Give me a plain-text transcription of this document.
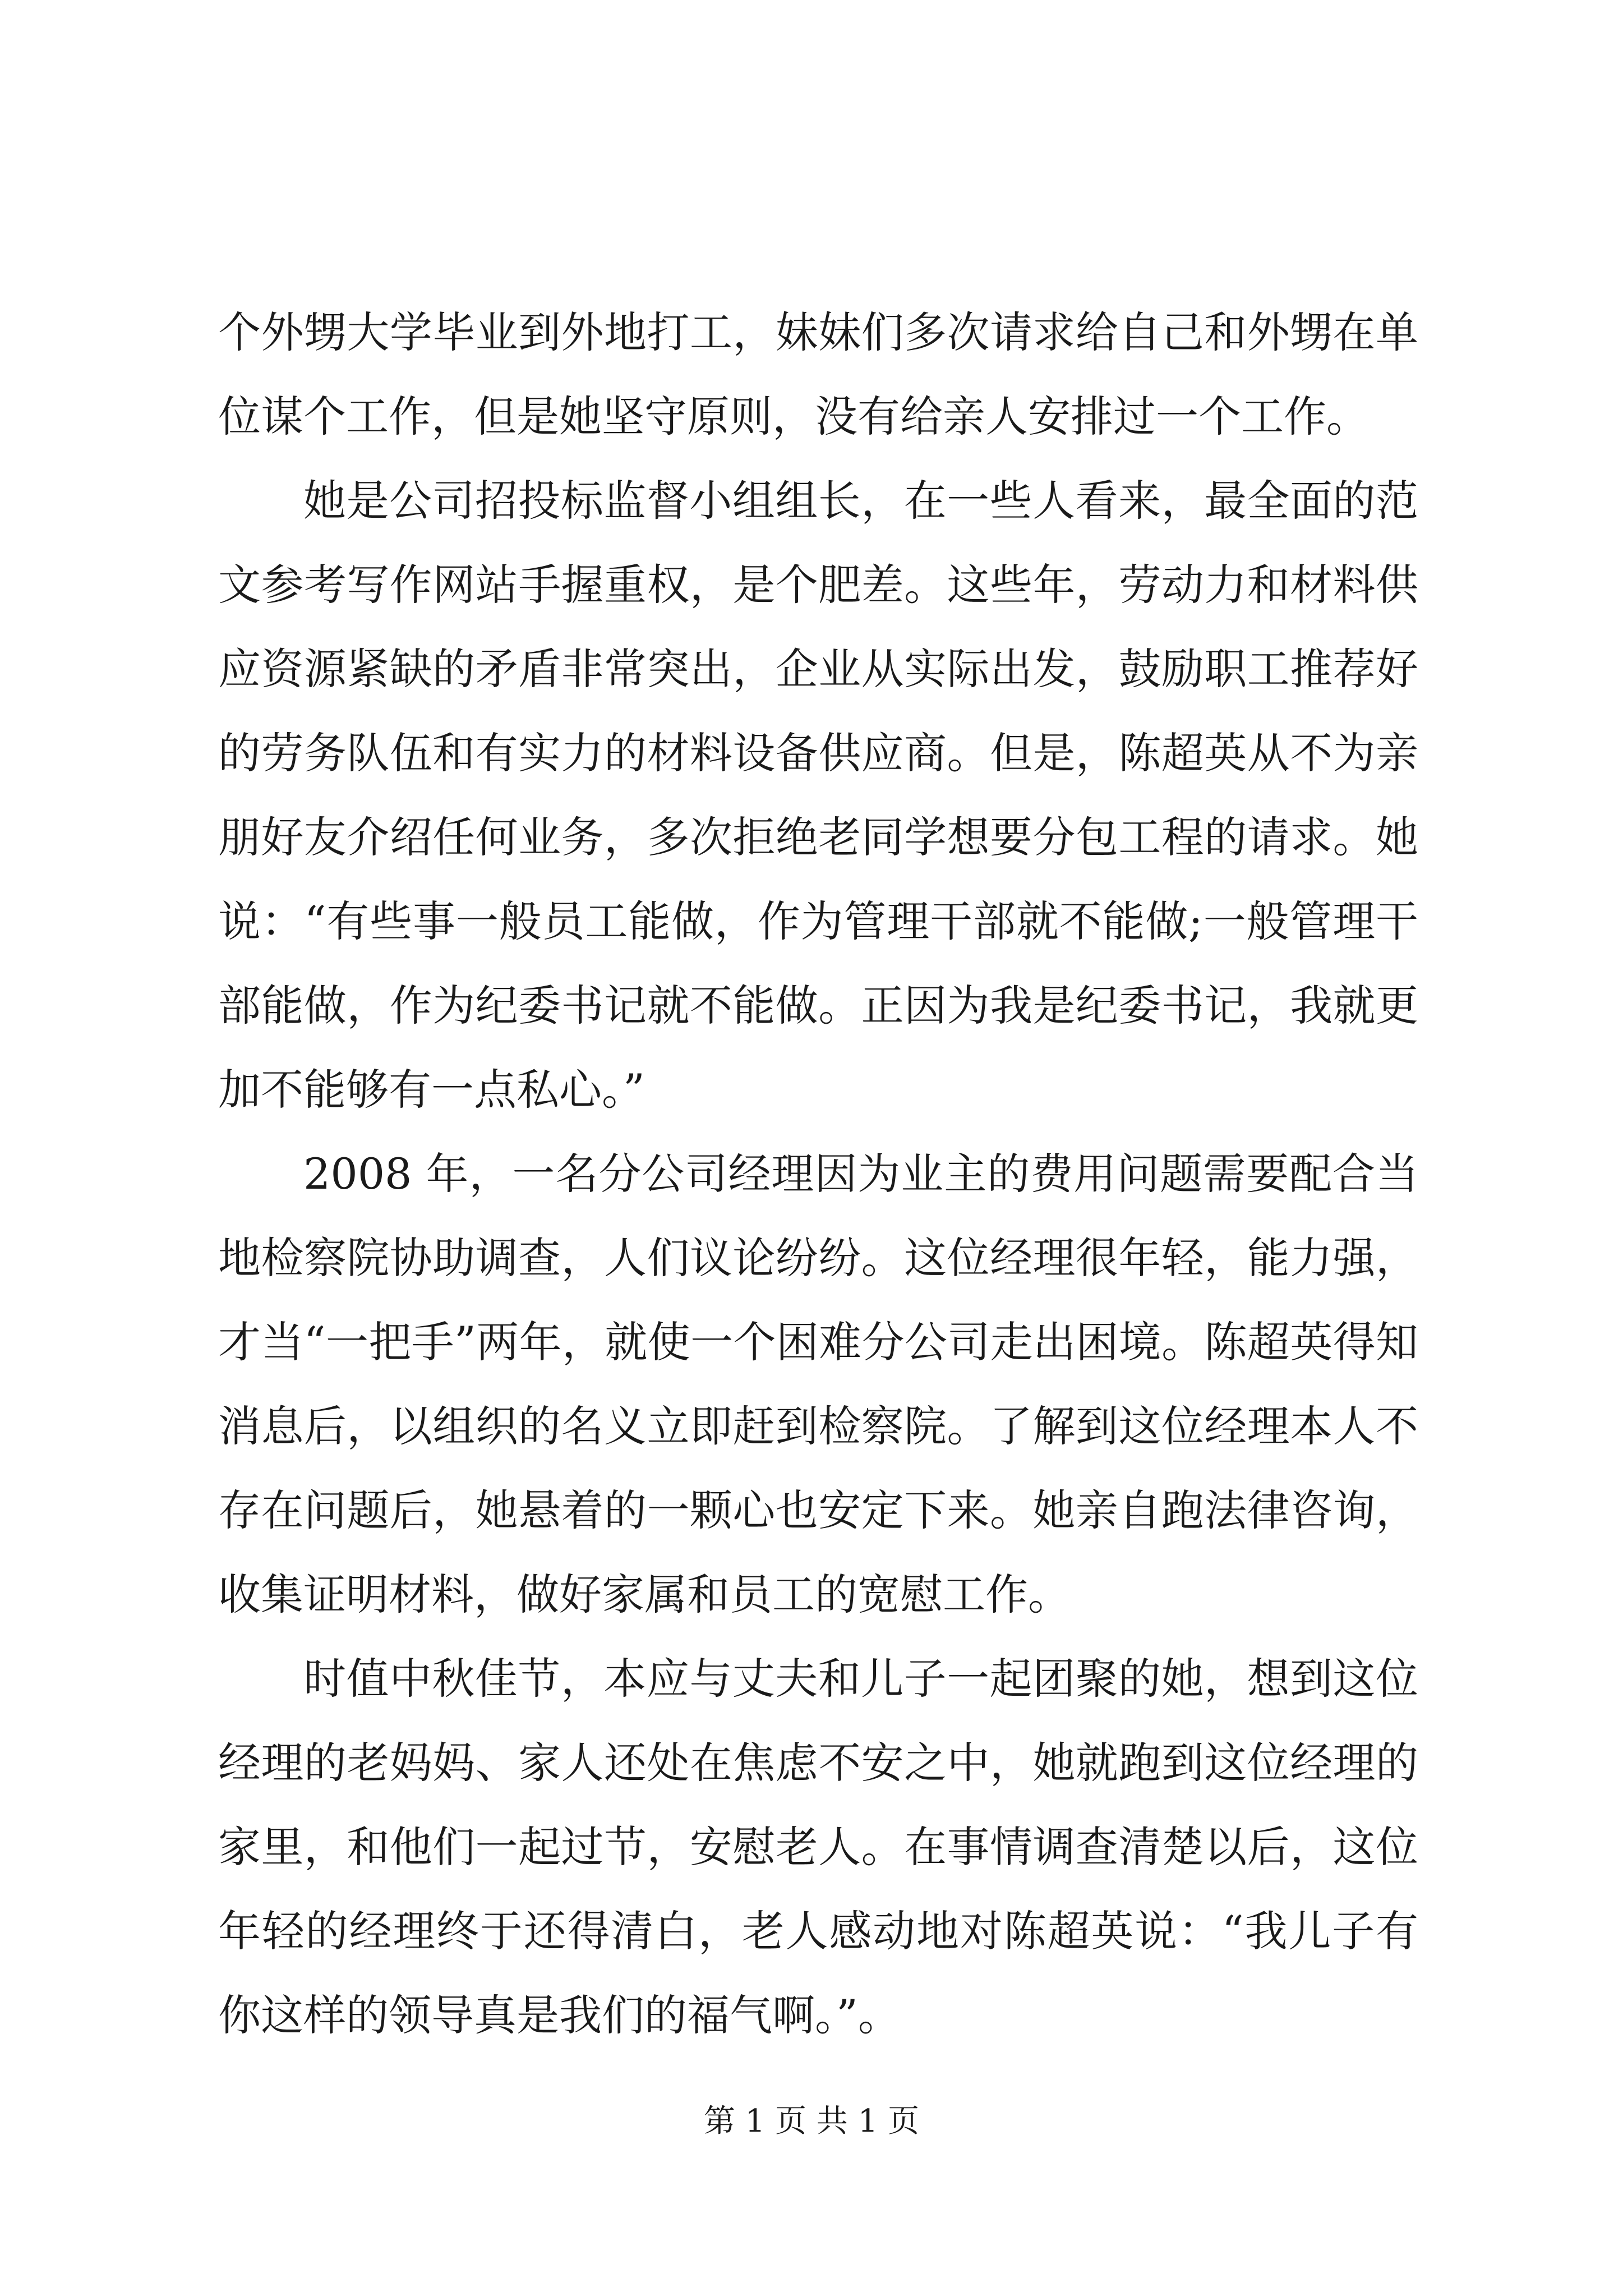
个外甥大学毕业到外地打工，妹妹们多次请求给自己和外甥在单位谋个工作，但是她坚守原则，没有给亲人安排过一个工作。

她是公司招投标监督小组组长，在一些人看来，最全面的范文参考写作网站手握重权，是个肥差。这些年，劳动力和材料供应资源紧缺的矛盾非常突出，企业从实际出发，鼓励职工推荐好的劳务队伍和有实力的材料设备供应商。但是，陈超英从不为亲朋好友介绍任何业务，多次拒绝老同学想要分包工程的请求。她说：“有些事一般员工能做，作为管理干部就不能做;一般管理干部能做，作为纪委书记就不能做。正因为我是纪委书记，我就更加不能够有一点私心。”

2008 年，一名分公司经理因为业主的费用问题需要配合当地检察院协助调查，人们议论纷纷。这位经理很年轻，能力强，才当“一把手”两年，就使一个困难分公司走出困境。陈超英得知消息后，以组织的名义立即赶到检察院。了解到这位经理本人不存在问题后，她悬着的一颗心也安定下来。她亲自跑法律咨询，收集证明材料，做好家属和员工的宽慰工作。

时值中秋佳节，本应与丈夫和儿子一起团聚的她，想到这位经理的老妈妈、家人还处在焦虑不安之中，她就跑到这位经理的家里，和他们一起过节，安慰老人。在事情调查清楚以后，这位年轻的经理终于还得清白，老人感动地对陈超英说：“我儿子有你这样的领导真是我们的福气啊。”。

第 1 页 共 1 页
